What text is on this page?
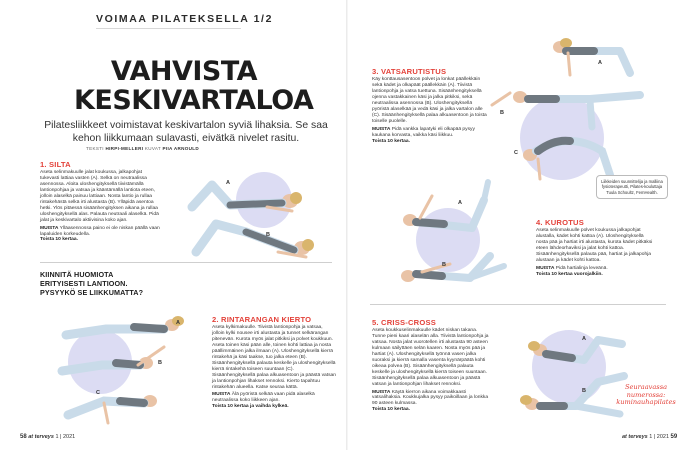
VOIMAA PILATEKSELLA 1/2
VAHVISTA
KESKIVARTALOA
Pilatesliikkeet voimistavat keskivartalon syviä lihaksia. Se saa kehon liikkumaan sulavasti, eivätkä nivelet rasitu.
TEKSTI HIRPI-MELLERI KUVAT PIIA ARNOULD
1. SILTA
Aseta selinmakuulle jalat koukussa, jalkapohjat tukevasti lattiaa vasten (A). Selkä on neutraalissa asennossa. Aloita uloshengityksellä tiivistämällä lantionpohjaa ja vatsaa ja kääntämällä lantiota eteen, jolloin alaselkä painuu lattiaan. Nosta lantio ja rullaa rintakehästä selkä irti alustasta (B). Ylläpidä asentoa hetki. Ylös pitäessä sisäänhengityksen aikana ja rullaa uloshengityksellä alas. Palauta neutraali alaselkä. Pidä jalat ja keskivartalo aktiivisina koko ajan.
MUISTA Ylläasennossa paino ei ole niskan päällä vaan lapaluiden korkeudella.
Toista 10 kertaa.
A
B
KIINNITÄ HUOMIOTA ERITYISESTI LANTIOON. PYSYYKÖ SE LIIKKUMATTA?
A
B
C
2. RINTARANGAN KIERTO
Aseta kylkimakuulle. Tiivistä lantionpohja ja vatsaa, jolloin kylki nousee irti alustasta ja tunnet selkärangan pitenevän. Kurota myös jalat pitkiksi ja polvet koukkuun. Aseta toinen käsi pään alle, toinen kohti lattiaa ja nosta päällimmäinen jalka ilmaan (A). Uloshengityksellä kierrä rintakehä ja käsi taakse, tuo jalka eteen (B). Sisäänhengityksellä palauta keskelle ja uloshengityksellä kierrä rintakehä toiseen suuntaan (C). Sisäänhengityksellä palaa alkuasentoon ja päästä vatsan ja lantionpohjan lihakset rennoksi. Kierto tapahtuu rintakehän alueella. Katse seuraa kättä.
MUISTA Älä pyöristä selkää vaan pidä alaselkä neutraalissa koko liikkeen ajan.
Toista 10 kertaa ja vaihda kylkeä.
58 at terveys 1 | 2021
3. VATSARUTISTUS
Käy konttausasentoon polvet ja lonkat päällekkäin sekä kädet ja olkapäät päällekkäin (A). Tiivistä lantionpohja ja vatsa tuettuna. Sisäänhengityksellä ojenna vastakkainen käsi ja jalka pitkiksi, sekä neutraalissa asennossa (B). Uloshengityksellä pyöristä alaselkää ja vedä käsi ja jalka vartalon alle (C). Sisäänhengityksellä palaa alkuasentoon ja toista toiselle puolelle.
MUISTA Pidä vankka lapatyki eli olkapää pysyy kaukana korvasta, vaikka käsi liikkuu.
Toista 10 kertaa.
A
B
C
Liikkeiden suunnittelija ja malliina fysioterapeutti, Pilates-kouluttaja Tuula Schoultz, FemHealth.
A
B
4. KUROTUS
Aseta selinmakuulle polvet koukussa jalkapohjat alustalla, kädet kohti kattoa (A). Uloshengityksellä nosta pää ja hartiat irti alustasta, kurota kädet pitkäksi eteen lähdeorhaviksi ja jalat kohti kattoa. Sisäänhengityksellä palauta pää, hartiat ja jalkapohja alustaan ja kädet kohti kattoa.
MUISTA Pidä hartialinja leveänä.
Toista 10 kertaa vuorojalkiin.
5. CRISS-CROSS
Aseta koukkuselinmakuulle kädet niskan takana. Tunne pieni kaari alaselän alla. Tiivistä lantionpohja ja vatsaa. Nosta jalat vuorotellen irti alustasta 90 asteen kulmaan säilyttäen selän kaaren. Nosta myös pää ja hartiat (A). Uloshengityksellä työnnä vasen jalka suoraksi ja kierrä samalla vasenta kyynärpäätä kohti oikeaa polvea (B). Sisäänhengityksellä palauta keskelle ja uloshengityksellä kierrä toiseen suuntaan. Sisäänhengityksellä palaa alkuasentoon ja päästä vatsan ja lantionpohjan lihakset rennoksi.
MUISTA Käytä kierron aikana voimakkaasti vatsalihaksia. Koukkujalka pysyy paikoillaan ja lonkka 90 asteen kulmassa.
Toista 10 kertaa.
A
B	Seuraavassa numerossa: kuminauhapilates
at terveys 1 | 2021 59
